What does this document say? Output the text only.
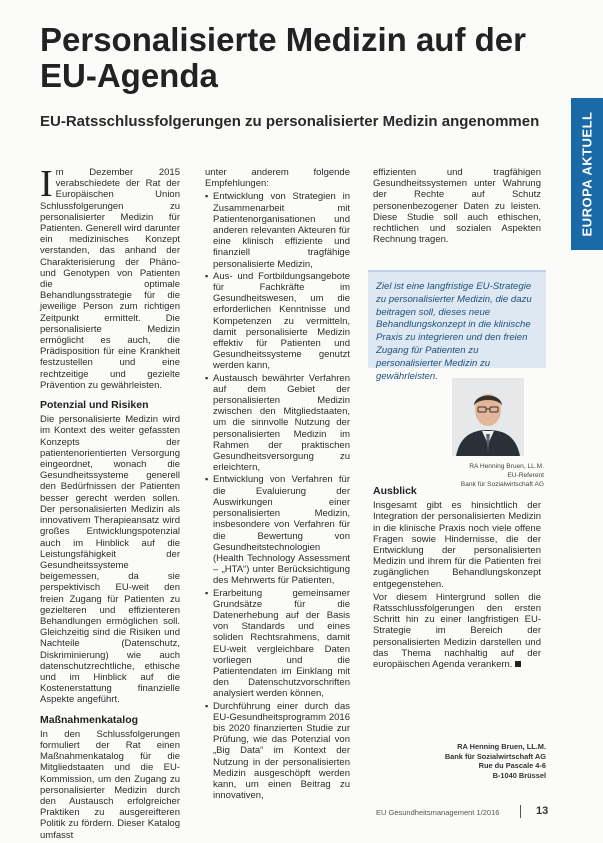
Personalisierte Medizin auf der EU-Agenda
EU-Ratsschlussfolgerungen zu personalisierter Medizin angenommen	EUROPA AKTUELL

Im Dezember 2015 verabschiedete der Rat der Europäischen Union Schlussfolgerungen zu personalisierter Medizin für Patienten. Generell wird darunter ein medizinisches Konzept verstanden, das anhand der Charakterisierung der Phäno- und Genotypen von Patienten die optimale Behandlungsstrategie für die jeweilige Person zum richtigen Zeitpunkt ermittelt. Die personalisierte Medizin ermöglicht es auch, die Prädisposition für eine Krankheit festzustellen und eine rechtzeitige und gezielte Prävention zu gewährleisten.

Potenzial und Risiken

Die personalisierte Medizin wird im Kontext des weiter gefassten Konzepts der patientenorientierten Versorgung eingeordnet, wonach die Gesundheitssysteme generell den Bedürfnissen der Patienten besser gerecht werden sollen. Der personalisierten Medizin als innovativem Therapieansatz wird großes Entwicklungspotenzial auch im Hinblick auf die Leistungsfähigkeit der Gesundheitssysteme beigemessen, da sie perspektivisch EU-weit den freien Zugang für Patienten zu gezielteren und effizienteren Behandlungen ermöglichen soll. Gleichzeitig sind die Risiken und Nachteile (Datenschutz, Diskriminierung) wie auch datenschutzrechtliche, ethische und im Hinblick auf die Kostenerstattung finanzielle Aspekte angeführt.

Maßnahmenkatalog

In den Schlussfolgerungen formuliert der Rat einen Maßnahmenkatalog für die Mitgliedstaaten und die EU-Kommission, um den Zugang zu personalisierter Medizin durch den Austausch erfolgreicher Praktiken zu ausgereifteren Politik zu fördern. Dieser Katalog umfasst

unter anderem folgende Empfehlungen:

▪ Entwicklung von Strategien in Zusammenarbeit mit Patientenorganisationen und anderen relevanten Akteuren für eine klinisch effiziente und finanziell tragfähige personalisierte Medizin,
▪ Aus- und Fortbildungsangebote für Fachkräfte im Gesundheitswesen, um die erforderlichen Kenntnisse und Kompetenzen zu vermitteln, damit personalisierte Medizin effektiv für Patienten und Gesundheitssysteme genutzt werden kann,
▪ Austausch bewährter Verfahren auf dem Gebiet der personalisierten Medizin zwischen den Mitgliedstaaten, um die sinnvolle Nutzung der personalisierten Medizin im Rahmen der praktischen Gesundheitsversorgung zu erleichtern,
▪ Entwicklung von Verfahren für die Evaluierung der Auswirkungen einer personalisierten Medizin, insbesondere von Verfahren für die Bewertung von Gesundheitstechnologien (Health Technology Assessment – „HTA“) unter Berücksichtigung des Mehrwerts für Patienten,
▪ Erarbeitung gemeinsamer Grundsätze für die Datenerhebung auf der Basis von Standards und eines soliden Rechtsrahmens, damit EU-weit vergleichbare Daten vorliegen und die Patientendaten im Einklang mit den Datenschutzvorschriften analysiert werden können,
▪ Durchführung einer durch das EU-Gesundheitsprogramm 2016 bis 2020 finanzierten Studie zur Prüfung, wie das Potenzial von „Big Data“ im Kontext der Nutzung in der personalisierten Medizin ausgeschöpft werden kann, um einen Beitrag zu innovativen,

effizienten und tragfähigen Gesundheitssystemen unter Wahrung der Rechte auf Schutz personenbezogener Daten zu leisten. Diese Studie soll auch ethischen, rechtlichen und sozialen Aspekten Rechnung tragen.

Ziel ist eine langfristige EU-Strategie zu personalisierter Medizin, die dazu beitragen soll, dieses neue Behandlungskonzept in die klinische Praxis zu integrieren und den freien Zugang für Patienten zu personalisierter Medizin zu gewährleisten.
RA Henning Bruen, LL.M.
EU-Referent
Bank für Sozialwirtschaft AG
Ausblick

Insgesamt gibt es hinsichtlich der Integration der personalisierten Medizin in die klinische Praxis noch viele offene Fragen sowie Hindernisse, die der Entwicklung der personalisierten Medizin und ihrem für die Patienten frei zugänglichen Behandlungskonzept entgegenstehen.

Vor diesem Hintergrund sollen die Ratsschlussfolgerungen den ersten Schritt hin zu einer langfristigen EU-Strategie im Bereich der personalisierten Medizin darstellen und das Thema nachhaltig auf der europäischen Agenda verankern.

RA Henning Bruen, LL.M.
Bank für Sozialwirtschaft AG
Rue du Pascale 4-6
B-1040 Brüssel
EU Gesundheitsmanagement 1/2016	13
